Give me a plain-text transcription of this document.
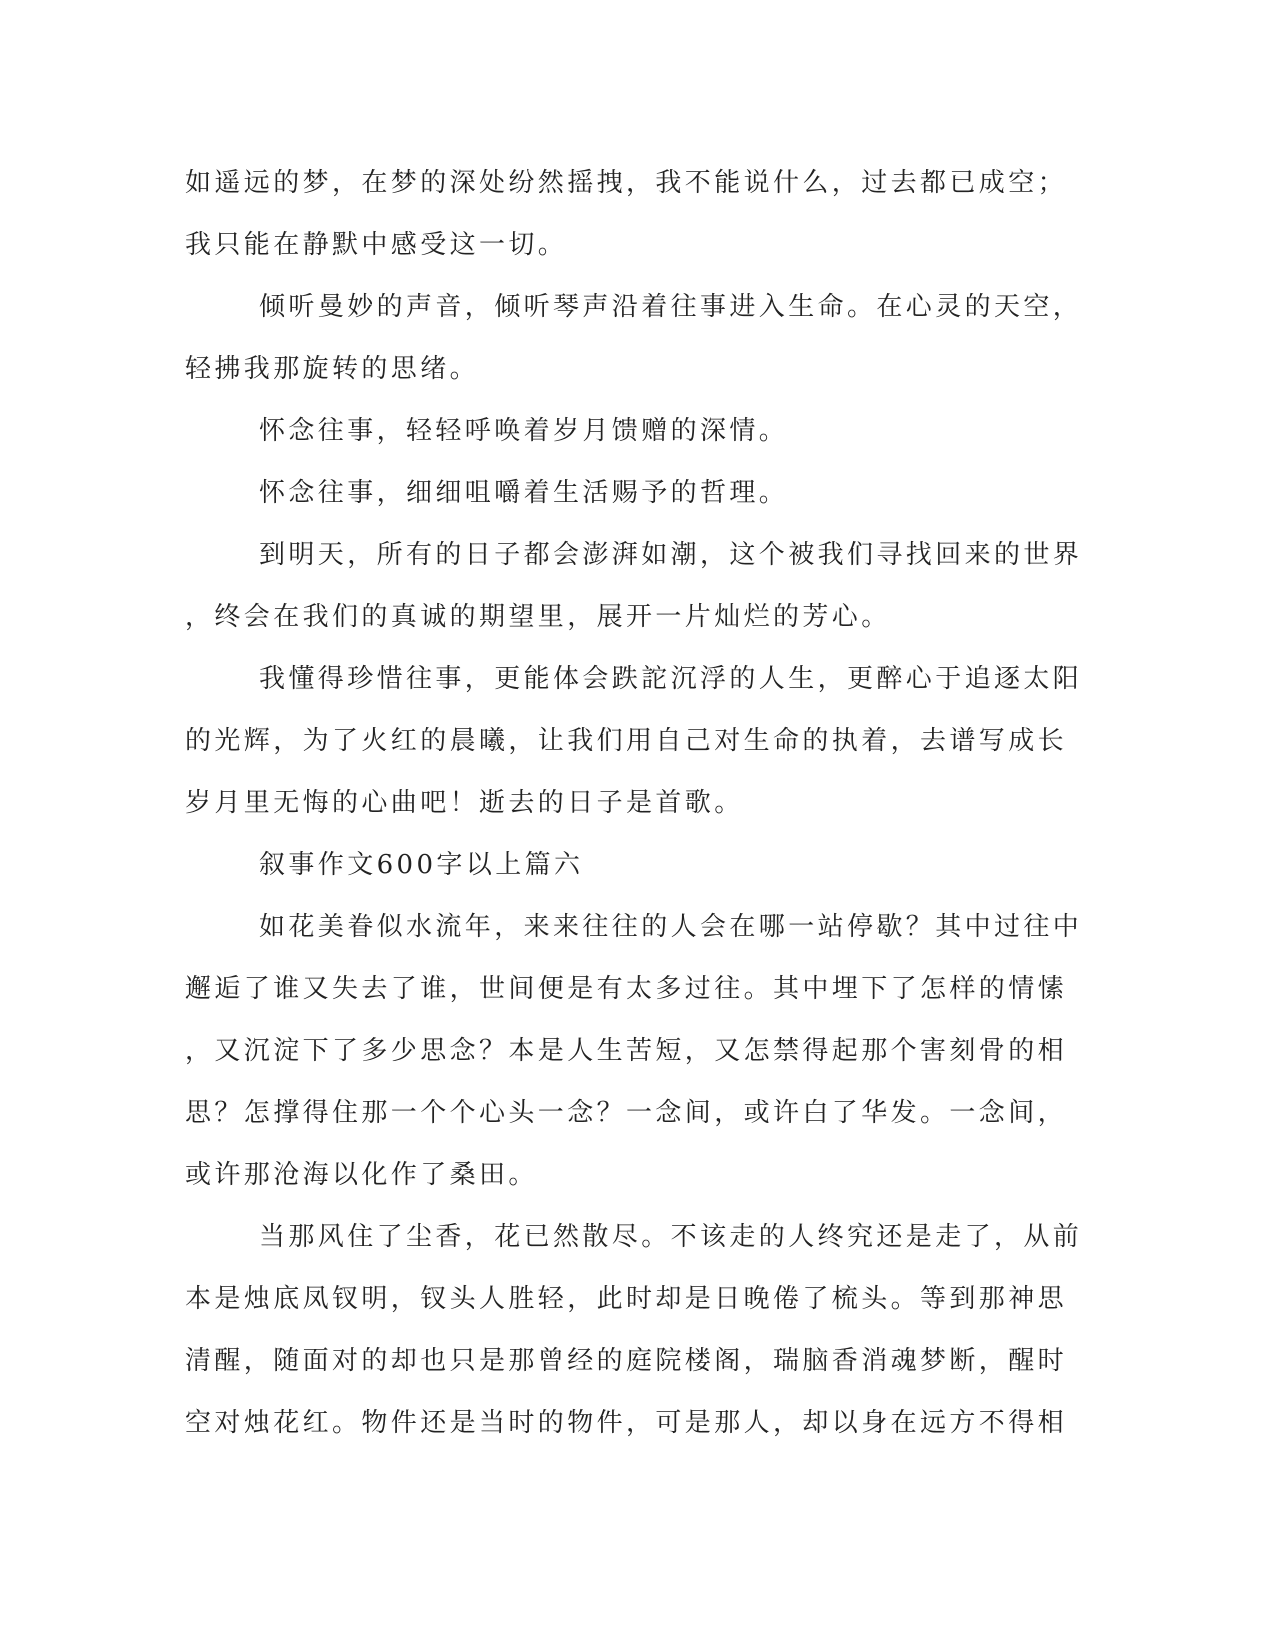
如遥远的梦，在梦的深处纷然摇拽，我不能说什么，过去都已成空；

我只能在静默中感受这一切。

倾听曼妙的声音，倾听琴声沿着往事进入生命。在心灵的天空，

轻拂我那旋转的思绪。

怀念往事，轻轻呼唤着岁月馈赠的深情。

怀念往事，细细咀嚼着生活赐予的哲理。

到明天，所有的日子都会澎湃如潮，这个被我们寻找回来的世界

，终会在我们的真诚的期望里，展开一片灿烂的芳心。

我懂得珍惜往事，更能体会跌詑沉浮的人生，更醉心于追逐太阳

的光辉，为了火红的晨曦，让我们用自己对生命的执着，去谱写成长

岁月里无悔的心曲吧！逝去的日子是首歌。

叙事作文600字以上篇六

如花美眷似水流年，来来往往的人会在哪一站停歇？其中过往中

邂逅了谁又失去了谁，世间便是有太多过往。其中埋下了怎样的情愫

，又沉淀下了多少思念？本是人生苦短，又怎禁得起那个害刻骨的相

思？怎撑得住那一个个心头一念？一念间，或许白了华发。一念间，

或许那沧海以化作了桑田。

当那风住了尘香，花已然散尽。不该走的人终究还是走了，从前

本是烛底凤钗明，钗头人胜轻，此时却是日晚倦了梳头。等到那神思

清醒，随面对的却也只是那曾经的庭院楼阁，瑞脑香消魂梦断，醒时

空对烛花红。物件还是当时的物件，可是那人，却以身在远方不得相
